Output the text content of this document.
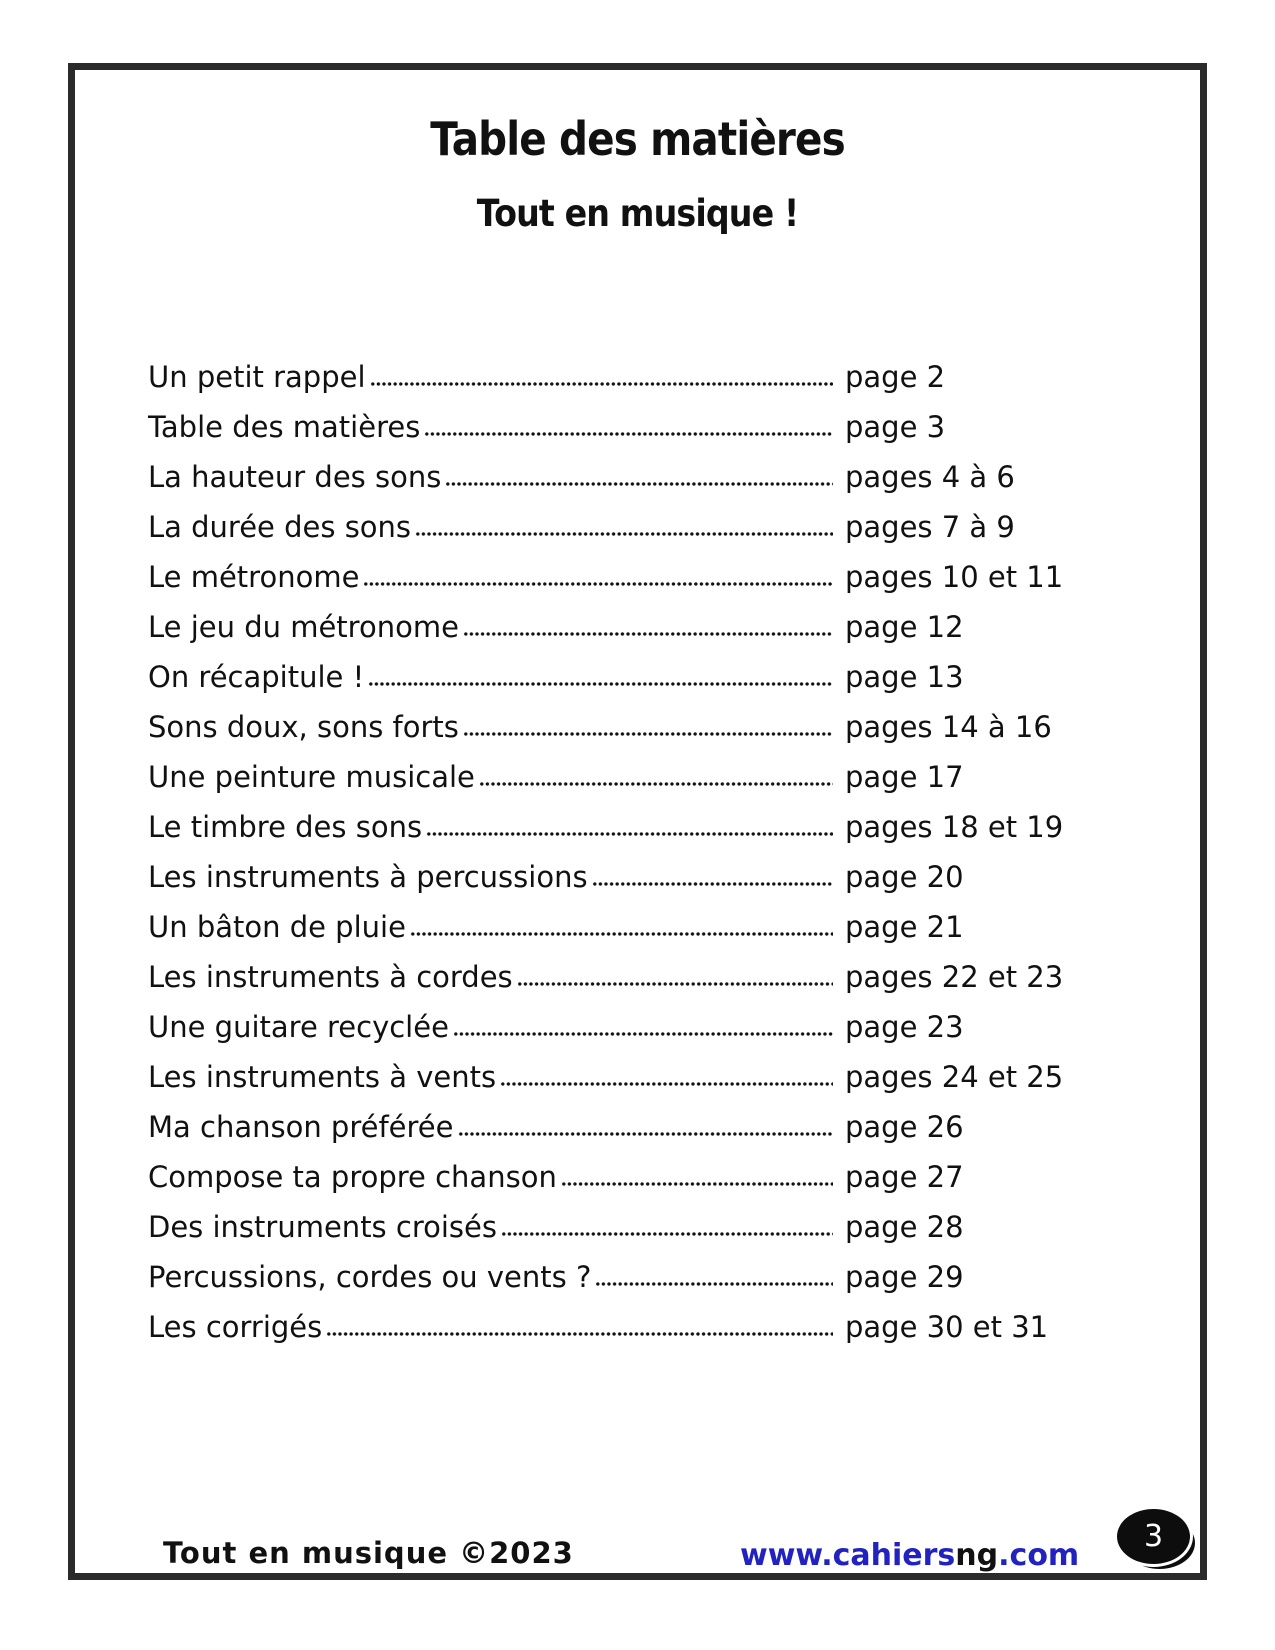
Table des matières
Tout en musique !
Un petit rappel	page 2
Table des matières	page 3
La hauteur des sons	pages 4 à 6
La durée des sons	pages 7 à 9
Le métronome	pages 10 et 11
Le jeu du métronome	page 12
On récapitule !	page 13
Sons doux, sons forts	pages 14 à 16
Une peinture musicale	page 17
Le timbre des sons	pages 18 et 19
Les instruments à percussions	page 20
Un bâton de pluie	page 21
Les instruments à cordes	pages 22 et 23
Une guitare recyclée	page 23
Les instruments à vents	pages 24 et 25
Ma chanson préférée	page 26
Compose ta propre chanson	page 27
Des instruments croisés	page 28
Percussions, cordes ou vents ?	page 29
Les corrigés	page 30 et 31
Tout en musique ©2023	www.cahiersng.com
3
